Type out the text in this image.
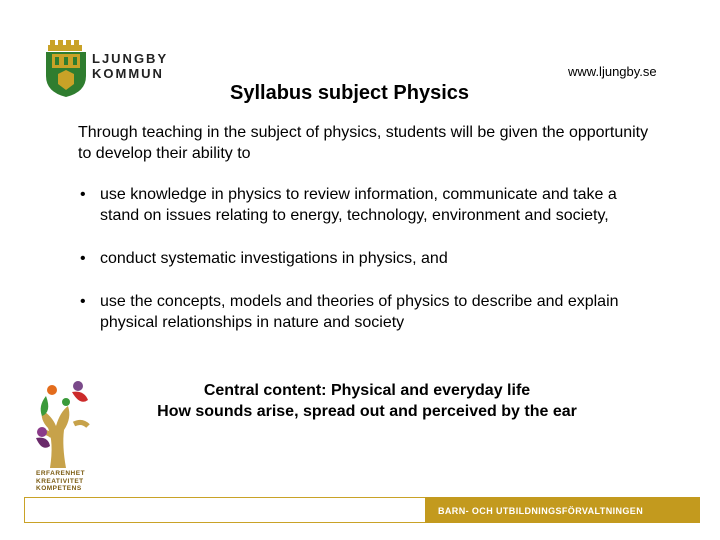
LJUNGBY
KOMMUN	www.ljungby.se
Syllabus subject Physics
Through teaching in the subject of physics, students will be given the opportunity to develop their ability to
• use knowledge in physics to review information, communicate and take a stand on issues relating to energy, technology, environment and society,
• conduct systematic investigations in physics, and
• use the concepts, models and theories of physics to describe and explain physical relationships in nature and society
Central content: Physical and everyday life
How sounds arise, spread out and perceived by the ear
ERFARENHET
KREATIVITET
KOMPETENS
BARN- OCH UTBILDNINGSFÖRVALTNINGEN
